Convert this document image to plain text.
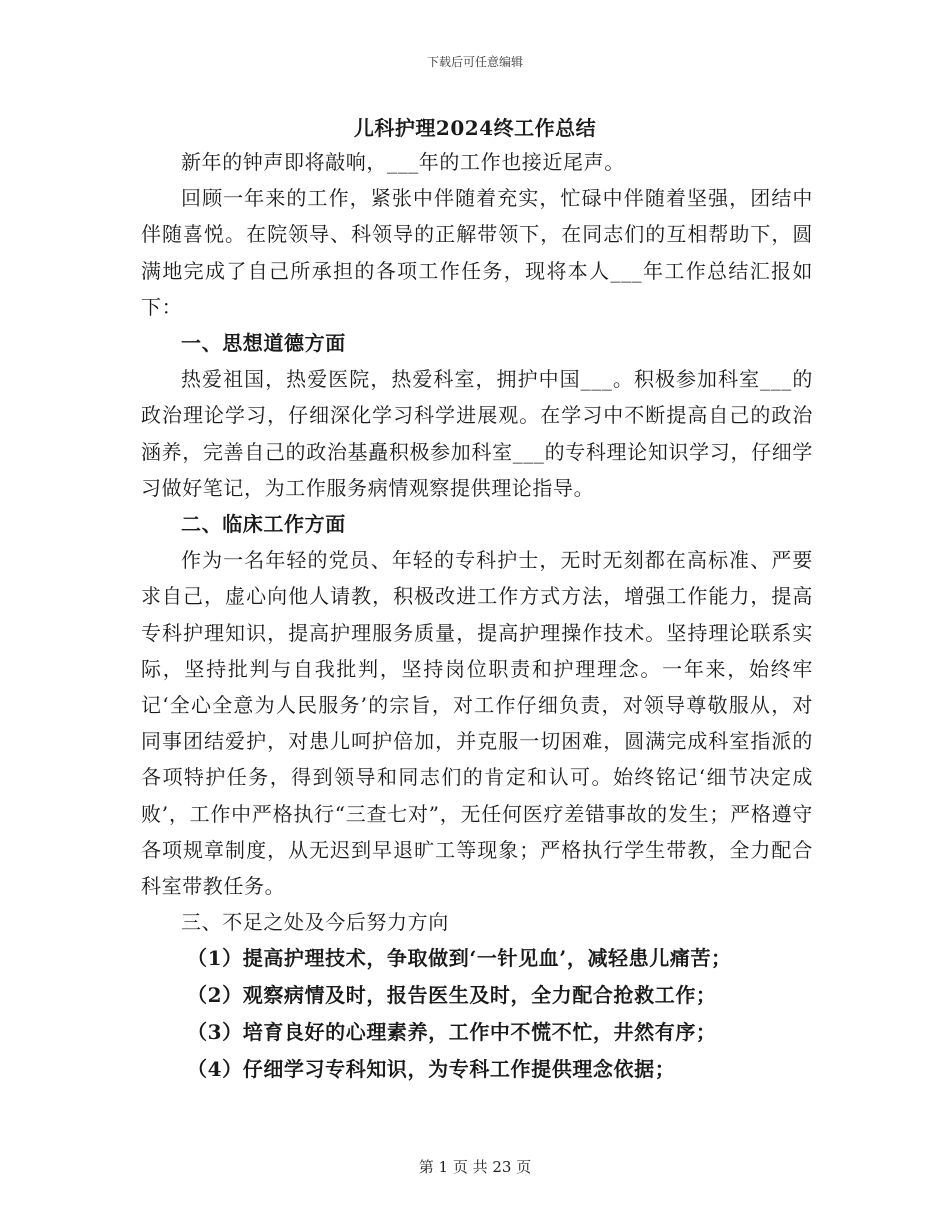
下载后可任意编辑
儿科护理2024终工作总结

新年的钟声即将敲响，___年的工作也接近尾声。

回顾一年来的工作，紧张中伴随着充实，忙碌中伴随着坚强，团结中伴随喜悦。在院领导、科领导的正解带领下，在同志们的互相帮助下，圆满地完成了自己所承担的各项工作任务，现将本人___年工作总结汇报如下：

一、思想道德方面

热爱祖国，热爱医院，热爱科室，拥护中国___。积极参加科室___的政治理论学习，仔细深化学习科学进展观。在学习中不断提高自己的政治涵养，完善自己的政治基矗积极参加科室___的专科理论知识学习，仔细学习做好笔记，为工作服务病情观察提供理论指导。

二、临床工作方面

作为一名年轻的党员、年轻的专科护士，无时无刻都在高标准、严要求自己，虚心向他人请教，积极改进工作方式方法，增强工作能力，提高专科护理知识，提高护理服务质量，提高护理操作技术。坚持理论联系实际，坚持批判与自我批判，坚持岗位职责和护理理念。一年来，始终牢记‘全心全意为人民服务’的宗旨，对工作仔细负责，对领导尊敬服从，对同事团结爱护，对患儿呵护倍加，并克服一切困难，圆满完成科室指派的各项特护任务，得到领导和同志们的肯定和认可。始终铭记‘细节决定成败’，工作中严格执行“三查七对”，无任何医疗差错事故的发生；严格遵守各项规章制度，从无迟到早退旷工等现象；严格执行学生带教，全力配合科室带教任务。

三、不足之处及今后努力方向

（1）提高护理技术，争取做到‘一针见血’，减轻患儿痛苦；

（2）观察病情及时，报告医生及时，全力配合抢救工作；

（3）培育良好的心理素养，工作中不慌不忙，井然有序；

（4）仔细学习专科知识，为专科工作提供理念依据；

第 1 页 共 23 页
